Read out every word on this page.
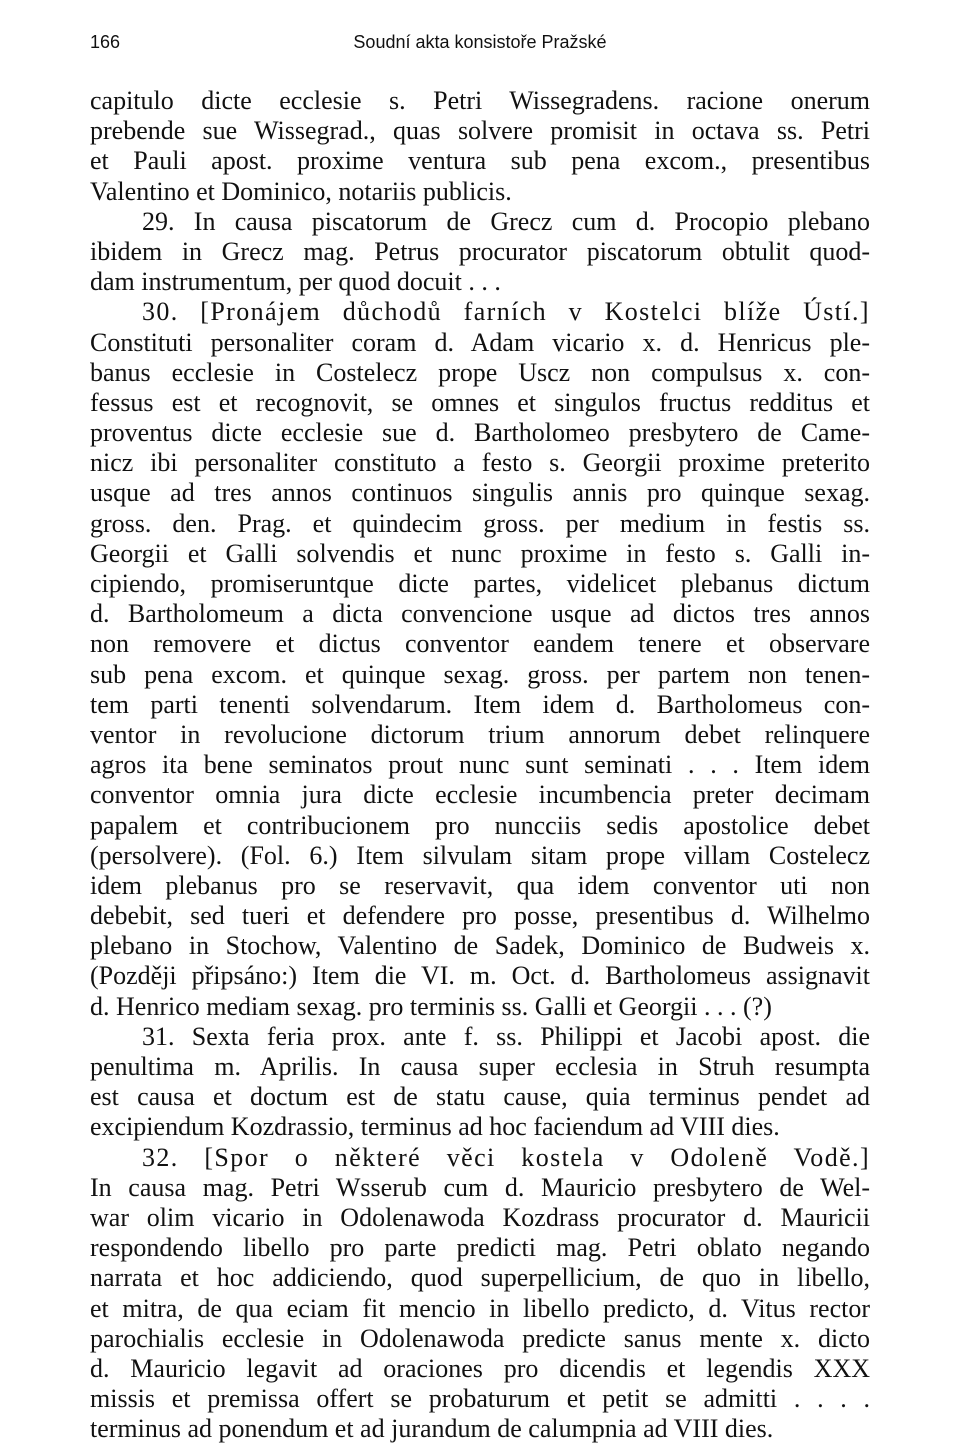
166	Soudní akta konsistoře Pražské
capitulo dicte ecclesie s. Petri Wissegradens. racione onerum
prebende sue Wissegrad., quas solvere promisit in octava ss. Petri
et Pauli apost. proxime ventura sub pena excom., presentibus
Valentino et Dominico, notariis publicis.
29. In causa piscatorum de Grecz cum d. Procopio plebano
ibidem in Grecz mag. Petrus procurator piscatorum obtulit quod-
dam instrumentum, per quod docuit . . .
30. [Pronájem důchodů farních v Kostelci blíže Ústí.]
Constituti personaliter coram d. Adam vicario x. d. Henricus ple-
banus ecclesie in Costelecz prope Uscz non compulsus x. con-
fessus est et recognovit, se omnes et singulos fructus redditus et
proventus dicte ecclesie sue d. Bartholomeo presbytero de Came-
nicz ibi personaliter constituto a festo s. Georgii proxime preterito
usque ad tres annos continuos singulis annis pro quinque sexag.
gross. den. Prag. et quindecim gross. per medium in festis ss.
Georgii et Galli solvendis et nunc proxime in festo s. Galli in-
cipiendo, promiseruntque dicte partes, videlicet plebanus dictum
d. Bartholomeum a dicta convencione usque ad dictos tres annos
non removere et dictus conventor eandem tenere et observare
sub pena excom. et quinque sexag. gross. per partem non tenen-
tem parti tenenti solvendarum. Item idem d. Bartholomeus con-
ventor in revolucione dictorum trium annorum debet relinquere
agros ita bene seminatos prout nunc sunt seminati . . . Item idem
conventor omnia jura dicte ecclesie incumbencia preter decimam
papalem et contribucionem pro nuncciis sedis apostolice debet
(persolvere). (Fol. 6.) Item silvulam sitam prope villam Costelecz
idem plebanus pro se reservavit, qua idem conventor uti non
debebit, sed tueri et defendere pro posse, presentibus d. Wilhelmo
plebano in Stochow, Valentino de Sadek, Dominico de Budweis x.
(Později připsáno:) Item die VI. m. Oct. d. Bartholomeus assignavit
d. Henrico mediam sexag. pro terminis ss. Galli et Georgii . . . (?)
31. Sexta feria prox. ante f. ss. Philippi et Jacobi apost. die
penultima m. Aprilis. In causa super ecclesia in Struh resumpta
est causa et doctum est de statu cause, quia terminus pendet ad
excipiendum Kozdrassio, terminus ad hoc faciendum ad VIII dies.
32. [Spor o některé věci kostela v Odoleně Vodě.]
In causa mag. Petri Wsserub cum d. Mauricio presbytero de Wel-
war olim vicario in Odolenawoda Kozdrass procurator d. Mauricii
respondendo libello pro parte predicti mag. Petri oblato negando
narrata et hoc addiciendo, quod superpellicium, de quo in libello,
et mitra, de qua eciam fit mencio in libello predicto, d. Vitus rector
parochialis ecclesie in Odolenawoda predicte sanus mente x. dicto
d. Mauricio legavit ad oraciones pro dicendis et legendis XXX
missis et premissa offert se probaturum et petit se admitti . . . .
terminus ad ponendum et ad jurandum de calumpnia ad VIII dies.
